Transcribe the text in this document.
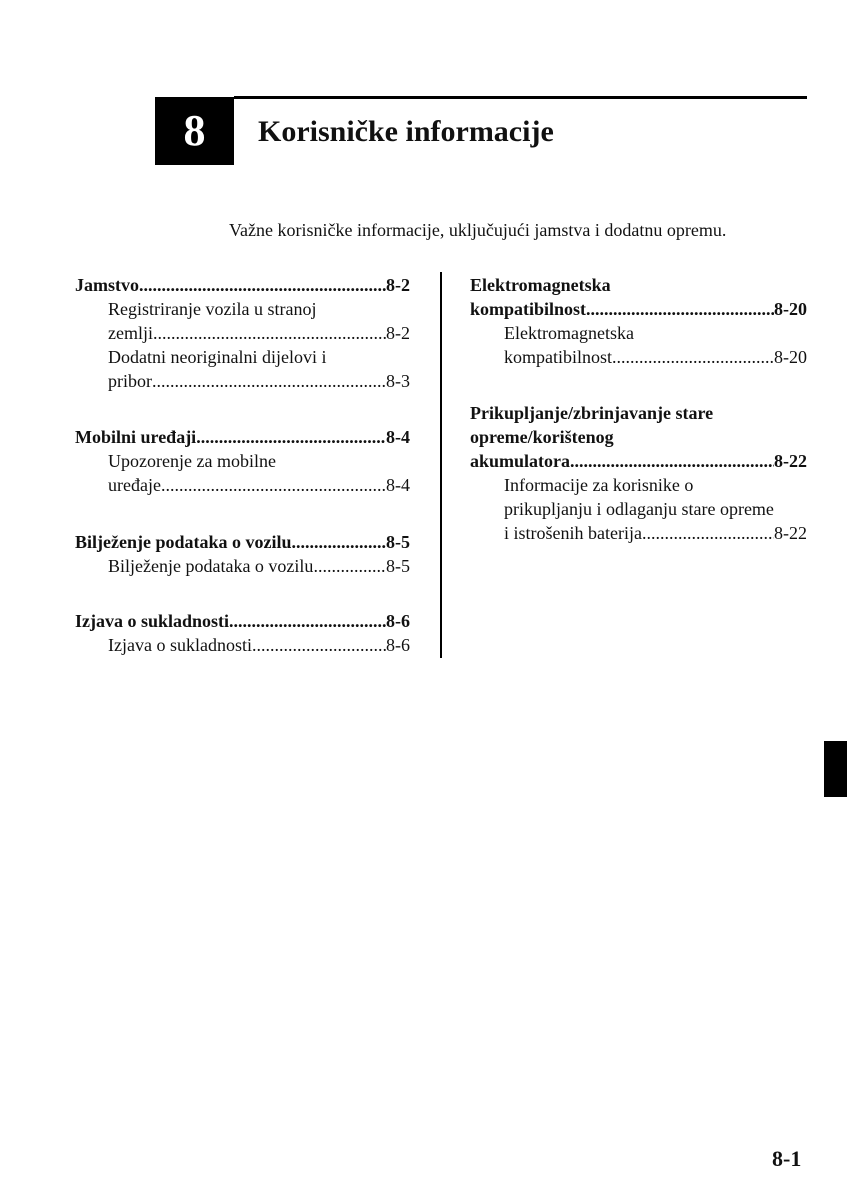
8	Korisničke informacije
Važne korisničke informacije, uključujući jamstva i dodatnu opremu.
Jamstvo .....	8-2
Registriranje vozila u stranoj
zemlji .....	8-2
Dodatni neoriginalni dijelovi i
pribor .....	8-3
Mobilni uređaji .....	8-4
Upozorenje za mobilne
uređaje .....	8-4
Bilježenje podataka o vozilu .....	8-5
Bilježenje podataka o vozilu .....	8-5
Izjava o sukladnosti .....	8-6
Izjava o sukladnosti .....	8-6
Elektromagnetska
kompatibilnost .....	8-20
Elektromagnetska
kompatibilnost .....	8-20
Prikupljanje/zbrinjavanje stare
opreme/korištenog
akumulatora .....	8-22
Informacije za korisnike o
prikupljanju i odlaganju stare opreme
i istrošenih baterija .....	8-22
8-1
